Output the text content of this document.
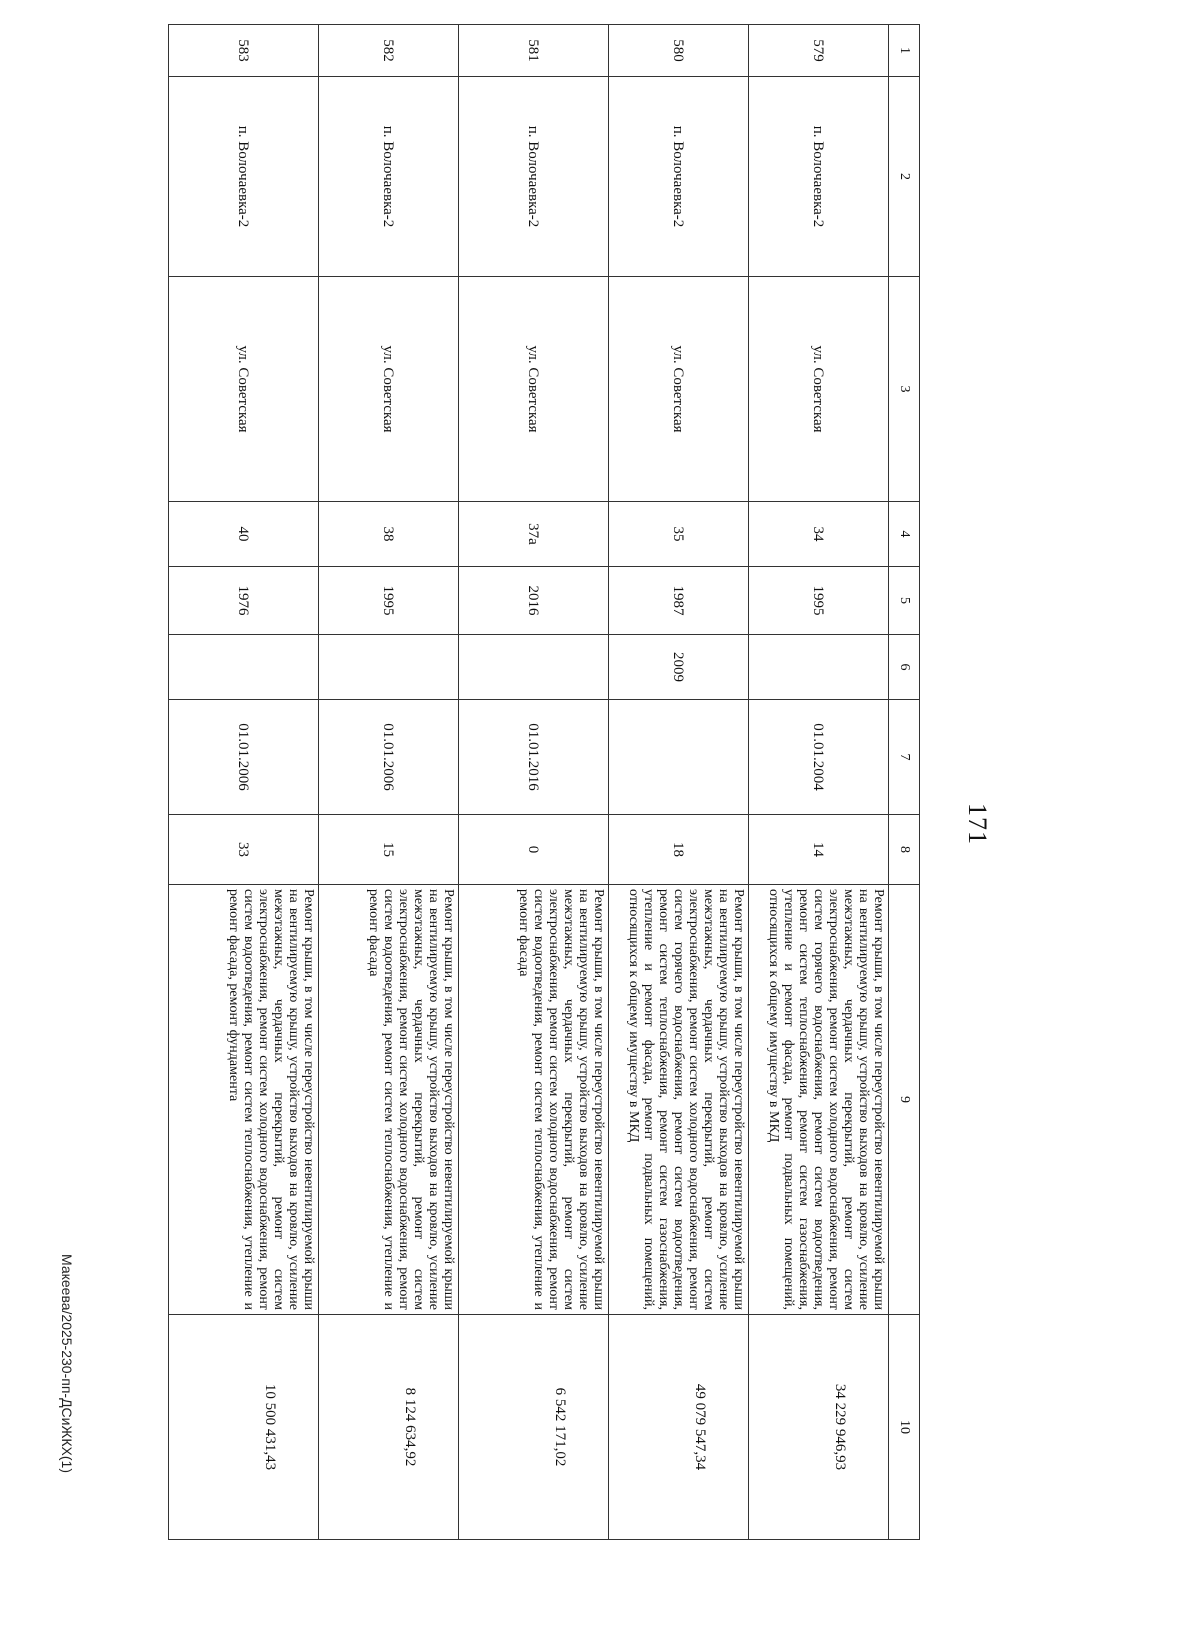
171
1	2	3	4	5	6	7	8	9	10
579	п. Волочаевка-2	ул. Советская	34	1995		01.01.2004	14	Ремонт крыши, в том числе переустройство невентилируемой крыши на вентилируемую крышу, устройство выходов на кровлю, усиление межэтажных, чердачных перекрытий, ремонт систем электроснабжения, ремонт систем холодного водоснабжения, ремонт систем горячего водоснабжения, ремонт систем водоотведения, ремонт систем теплоснабжения, ремонт систем газоснабжения, утепление и ремонт фасада, ремонт подвальных помещений, относящихся к общему имуществу в МКД	34 229 946,93
580	п. Волочаевка-2	ул. Советская	35	1987	2009		18	Ремонт крыши, в том числе переустройство невентилируемой крыши на вентилируемую крышу, устройство выходов на кровлю, усиление межэтажных, чердачных перекрытий, ремонт систем электроснабжения, ремонт систем холодного водоснабжения, ремонт систем горячего водоснабжения, ремонт систем водоотведения, ремонт систем теплоснабжения, ремонт систем газоснабжения, утепление и ремонт фасада, ремонт подвальных помещений, относящихся к общему имуществу в МКД	49 079 547,34
581	п. Волочаевка-2	ул. Советская	37а	2016		01.01.2016	0	Ремонт крыши, в том числе переустройство невентилируемой крыши на вентилируемую крышу, устройство выходов на кровлю, усиление межэтажных, чердачных перекрытий, ремонт систем электроснабжения, ремонт систем холодного водоснабжения, ремонт систем водоотведения, ремонт систем теплоснабжения, утепление и ремонт фасада	6 542 171,02
582	п. Волочаевка-2	ул. Советская	38	1995		01.01.2006	15	Ремонт крыши, в том числе переустройство невентилируемой крыши на вентилируемую крышу, устройство выходов на кровлю, усиление межэтажных, чердачных перекрытий, ремонт систем электроснабжения, ремонт систем холодного водоснабжения, ремонт систем водоотведения, ремонт систем теплоснабжения, утепление и ремонт фасада	8 124 634,92
583	п. Волочаевка-2	ул. Советская	40	1976		01.01.2006	33	Ремонт крыши, в том числе переустройство невентилируемой крыши на вентилируемую крышу, устройство выходов на кровлю, усиление межэтажных, чердачных перекрытий, ремонт систем электроснабжения, ремонт систем холодного водоснабжения, ремонт систем водоотведения, ремонт систем теплоснабжения, утепление и ремонт фасада, ремонт фундамента	10 500 431,43
Макеева/2025-230-пп-ДСиЖКХ(1)
